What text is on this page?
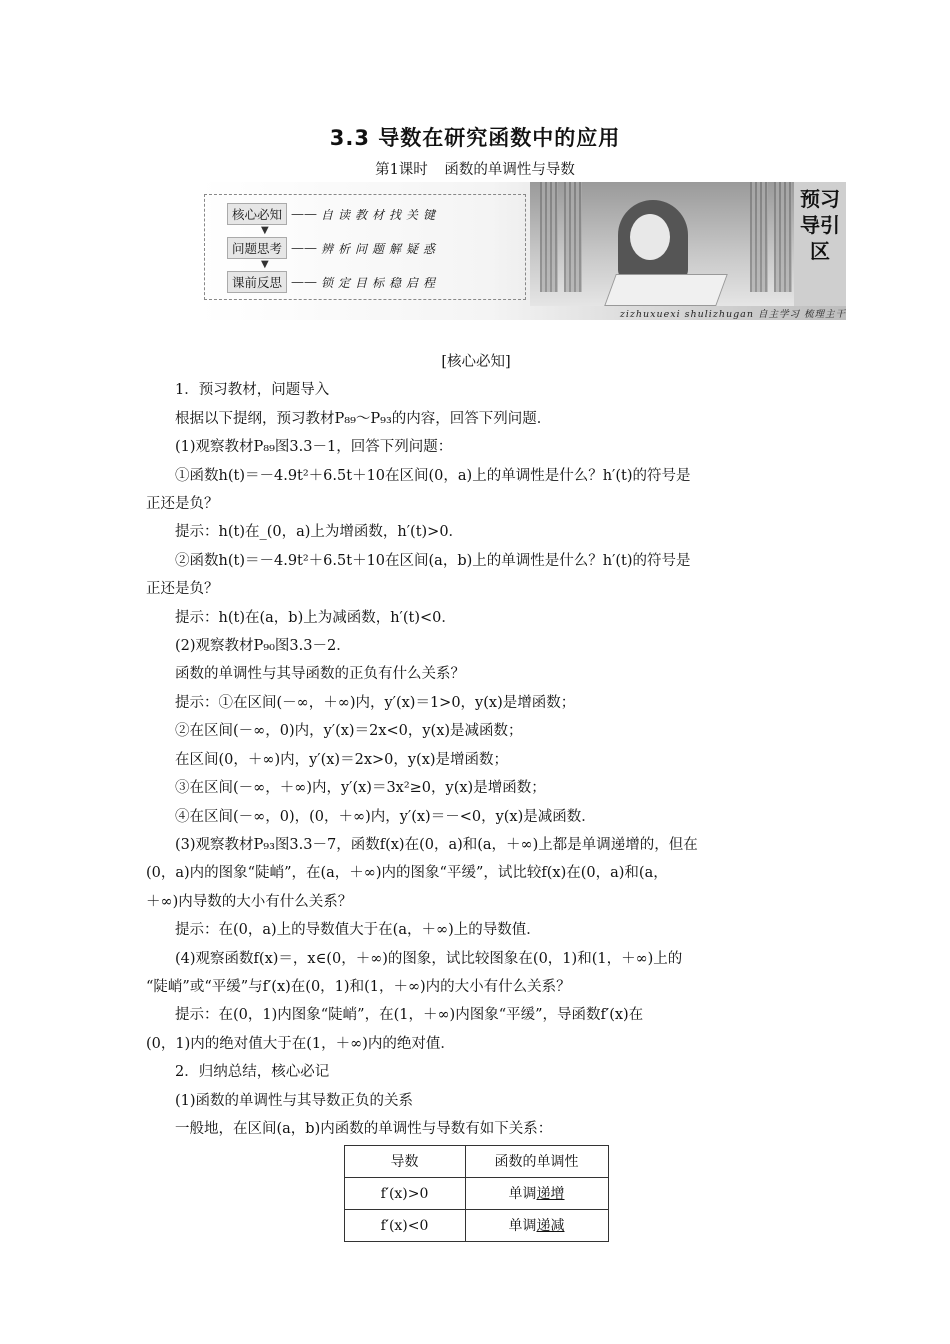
3.3 导数在研究函数中的应用
第1课时 函数的单调性与导数
核心必知 —— 自读教材找关键
▼
问题思考 —— 辨析问题解疑惑
▼
课前反思 —— 锁定目标稳启程
预习导引区
zizhuxuexi shulizhugan 自主学习 梳理主干

[核心必知]

1．预习教材，问题导入

根据以下提纲，预习教材P₈₉～P₉₃的内容，回答下列问题．

(1)观察教材P₈₉图3.3－1，回答下列问题：

①函数h(t)＝－4.9t²＋6.5t＋10在区间(0，a)上的单调性是什么？h′(t)的符号是

正还是负？

提示：h(t)在_(0，a)上为增函数，h′(t)>0．

②函数h(t)＝－4.9t²＋6.5t＋10在区间(a，b)上的单调性是什么？h′(t)的符号是

正还是负？

提示：h(t)在(a，b)上为减函数，h′(t)<0．

(2)观察教材P₉₀图3.3－2．

函数的单调性与其导函数的正负有什么关系？

提示：①在区间(－∞，＋∞)内，y′(x)＝1>0，y(x)是增函数；

②在区间(－∞，0)内，y′(x)＝2x<0，y(x)是减函数；

在区间(0，＋∞)内，y′(x)＝2x>0，y(x)是增函数；

③在区间(－∞，＋∞)内，y′(x)＝3x²≥0，y(x)是增函数；

④在区间(－∞，0)，(0，＋∞)内，y′(x)＝－<0，y(x)是减函数．

(3)观察教材P₉₃图3.3－7，函数f(x)在(0，a)和(a，＋∞)上都是单调递增的，但在

(0，a)内的图象“陡峭”，在(a，＋∞)内的图象“平缓”，试比较f(x)在(0，a)和(a，

＋∞)内导数的大小有什么关系？

提示：在(0，a)上的导数值大于在(a，＋∞)上的导数值．

(4)观察函数f(x)＝，x∈(0，＋∞)的图象，试比较图象在(0，1)和(1，＋∞)上的

“陡峭”或“平缓”与f′(x)在(0，1)和(1，＋∞)内的大小有什么关系？

提示：在(0，1)内图象“陡峭”，在(1，＋∞)内图象“平缓”，导函数f′(x)在

(0，1)内的绝对值大于在(1，＋∞)内的绝对值．

2．归纳总结，核心必记

(1)函数的单调性与其导数正负的关系

一般地，在区间(a，b)内函数的单调性与导数有如下关系：

导数	函数的单调性
f′(x)>0	单调递增
f′(x)<0	单调递减
